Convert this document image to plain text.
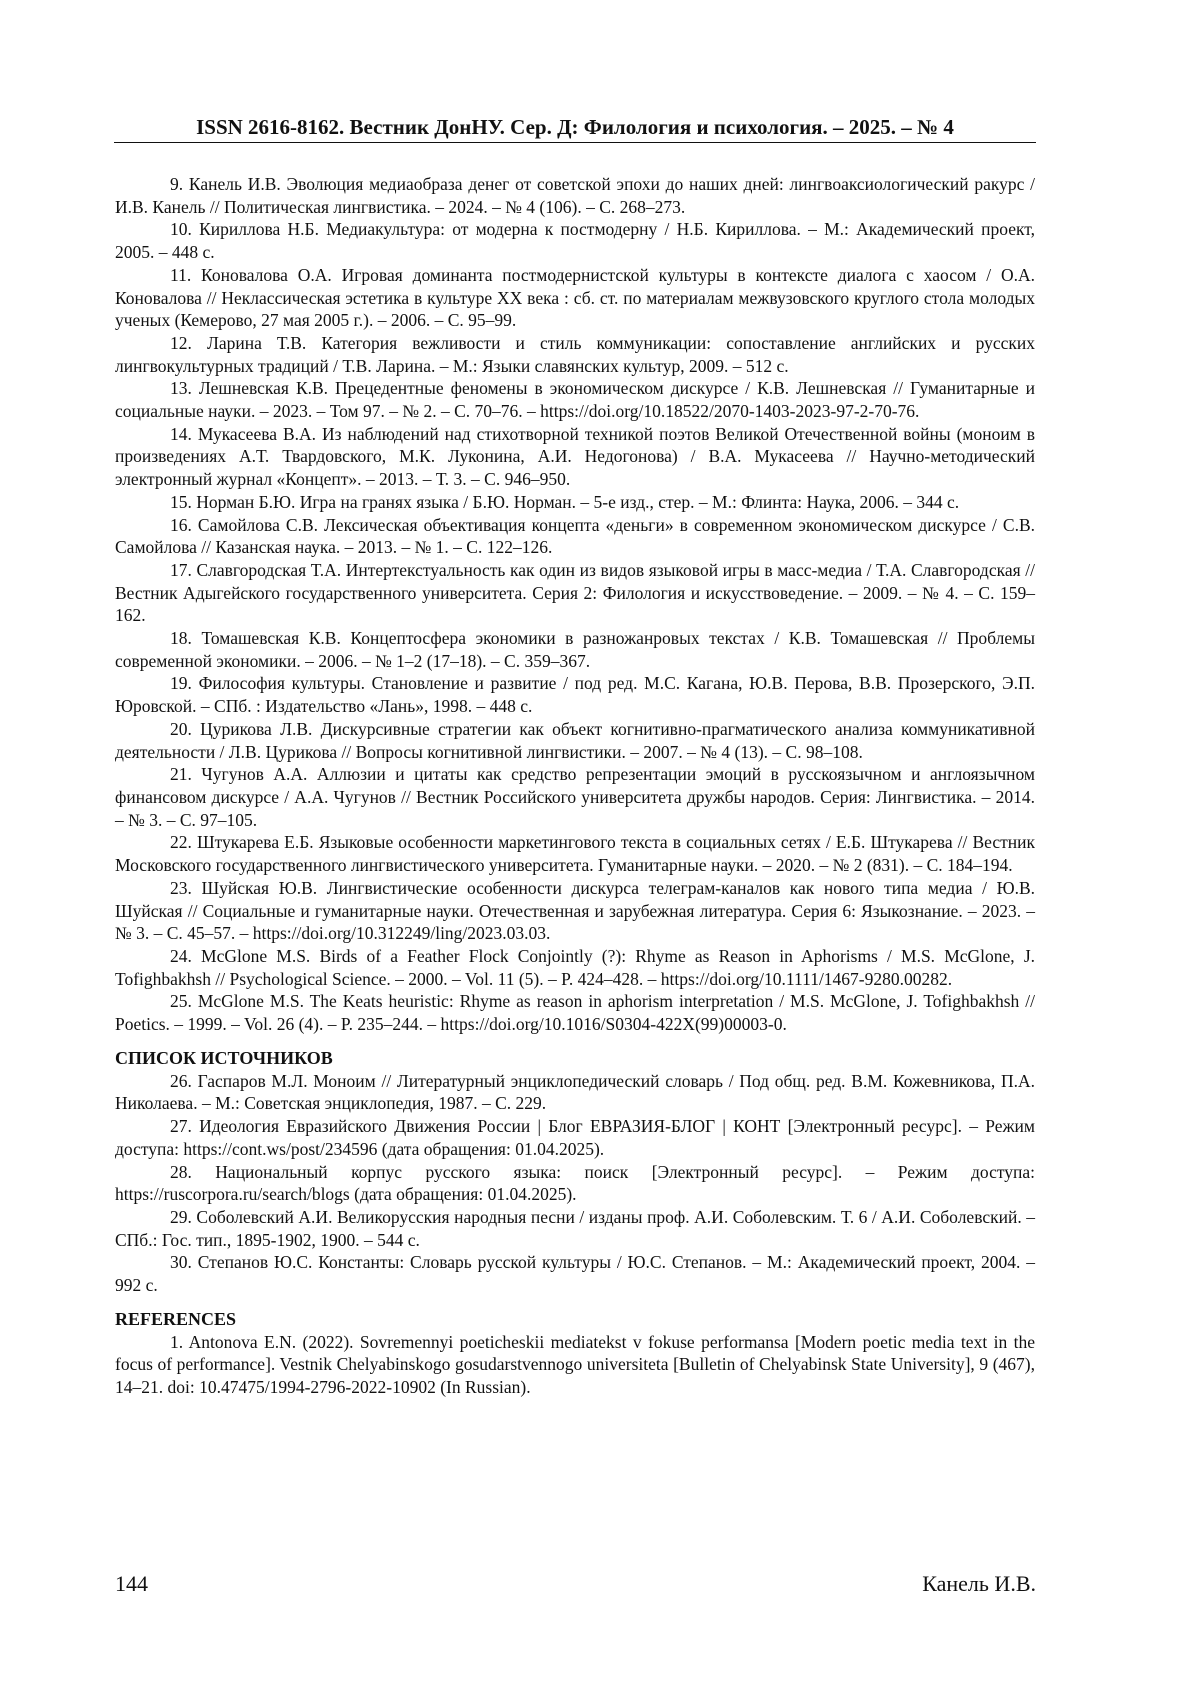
ISSN 2616-8162. Вестник ДонНУ. Сер. Д: Филология и психология. – 2025. – № 4

9. Канель И.В. Эволюция медиаобраза денег от советской эпохи до наших дней: лингвоаксиологический ракурс / И.В. Канель // Политическая лингвистика. – 2024. – № 4 (106). – С. 268–273.

10. Кириллова Н.Б. Медиакультура: от модерна к постмодерну / Н.Б. Кириллова. – М.: Академический проект, 2005. – 448 с.

11. Коновалова О.А. Игровая доминанта постмодернистской культуры в контексте диалога с хаосом / О.А. Коновалова // Неклассическая эстетика в культуре XX века : сб. ст. по материалам межвузовского круглого стола молодых ученых (Кемерово, 27 мая 2005 г.). – 2006. – С. 95–99.

12. Ларина Т.В. Категория вежливости и стиль коммуникации: сопоставление английских и русских лингвокультурных традиций / Т.В. Ларина. – М.: Языки славянских культур, 2009. – 512 с.

13. Лешневская К.В. Прецедентные феномены в экономическом дискурсе / К.В. Лешневская // Гуманитарные и социальные науки. – 2023. – Том 97. – № 2. – С. 70–76. – https://doi.org/10.18522/2070-1403-2023-97-2-70-76.

14. Мукасеева В.А. Из наблюдений над стихотворной техникой поэтов Великой Отечественной войны (моноим в произведениях А.Т. Твардовского, М.К. Луконина, А.И. Недогонова) / В.А. Мукасеева // Научно-методический электронный журнал «Концепт». – 2013. – Т. 3. – С. 946–950.

15. Норман Б.Ю. Игра на гранях языка / Б.Ю. Норман. – 5-е изд., стер. – М.: Флинта: Наука, 2006. – 344 с.

16. Самойлова С.В. Лексическая объективация концепта «деньги» в современном экономическом дискурсе / С.В. Самойлова // Казанская наука. – 2013. – № 1. – С. 122–126.

17. Славгородская Т.А. Интертекстуальность как один из видов языковой игры в масс-медиа / Т.А. Славгородская // Вестник Адыгейского государственного университета. Серия 2: Филология и искусствоведение. – 2009. – № 4. – С. 159–162.

18. Томашевская К.В. Концептосфера экономики в разножанровых текстах / К.В. Томашевская // Проблемы современной экономики. – 2006. – № 1–2 (17–18). – С. 359–367.

19. Философия культуры. Становление и развитие / под ред. М.С. Кагана, Ю.В. Перова, В.В. Прозерского, Э.П. Юровской. – СПб. : Издательство «Лань», 1998. – 448 с.

20. Цурикова Л.В. Дискурсивные стратегии как объект когнитивно-прагматического анализа коммуникативной деятельности / Л.В. Цурикова // Вопросы когнитивной лингвистики. – 2007. – № 4 (13). – С. 98–108.

21. Чугунов А.А. Аллюзии и цитаты как средство репрезентации эмоций в русскоязычном и англоязычном финансовом дискурсе / А.А. Чугунов // Вестник Российского университета дружбы народов. Серия: Лингвистика. – 2014. – № 3. – С. 97–105.

22. Штукарева Е.Б. Языковые особенности маркетингового текста в социальных сетях / Е.Б. Штукарева // Вестник Московского государственного лингвистического университета. Гуманитарные науки. – 2020. – № 2 (831). – С. 184–194.

23. Шуйская Ю.В. Лингвистические особенности дискурса телеграм-каналов как нового типа медиа / Ю.В. Шуйская // Социальные и гуманитарные науки. Отечественная и зарубежная литература. Серия 6: Языкознание. – 2023. – № 3. – С. 45–57. – https://doi.org/10.312249/ling/2023.03.03.

24. McGlone M.S. Birds of a Feather Flock Conjointly (?): Rhyme as Reason in Aphorisms / M.S. McGlone, J. Tofighbakhsh // Psychological Science. – 2000. – Vol. 11 (5). – P. 424–428. – https://doi.org/10.1111/1467-9280.00282.

25. McGlone M.S. The Keats heuristic: Rhyme as reason in aphorism interpretation / M.S. McGlone, J. Tofighbakhsh // Poetics. – 1999. – Vol. 26 (4). – P. 235–244. – https://doi.org/10.1016/S0304-422X(99)00003-0.

СПИСОК ИСТОЧНИКОВ

26. Гаспаров М.Л. Моноим // Литературный энциклопедический словарь / Под общ. ред. В.М. Кожевникова, П.А. Николаева. – М.: Советская энциклопедия, 1987. – С. 229.

27. Идеология Евразийского Движения России | Блог ЕВРАЗИЯ-БЛОГ | КОНТ [Электронный ресурс]. – Режим доступа: https://cont.ws/post/234596 (дата обращения: 01.04.2025).

28. Национальный корпус русского языка: поиск [Электронный ресурс]. – Режим доступа: https://ruscorpora.ru/search/blogs (дата обращения: 01.04.2025).

29. Соболевский А.И. Великорусския народныя песни / изданы проф. А.И. Соболевским. Т. 6 / А.И. Соболевский. – СПб.: Гос. тип., 1895-1902, 1900. – 544 с.

30. Степанов Ю.С. Константы: Словарь русской культуры / Ю.С. Степанов. – М.: Академический проект, 2004. – 992 с.

REFERENCES

1. Antonova E.N. (2022). Sovremennyi poeticheskii mediatekst v fokuse performansa [Modern poetic media text in the focus of performance]. Vestnik Chelyabinskogo gosudarstvennogo universiteta [Bulletin of Chelyabinsk State University], 9 (467), 14–21. doi: 10.47475/1994-2796-2022-10902 (In Russian).

144	Канель И.В.
